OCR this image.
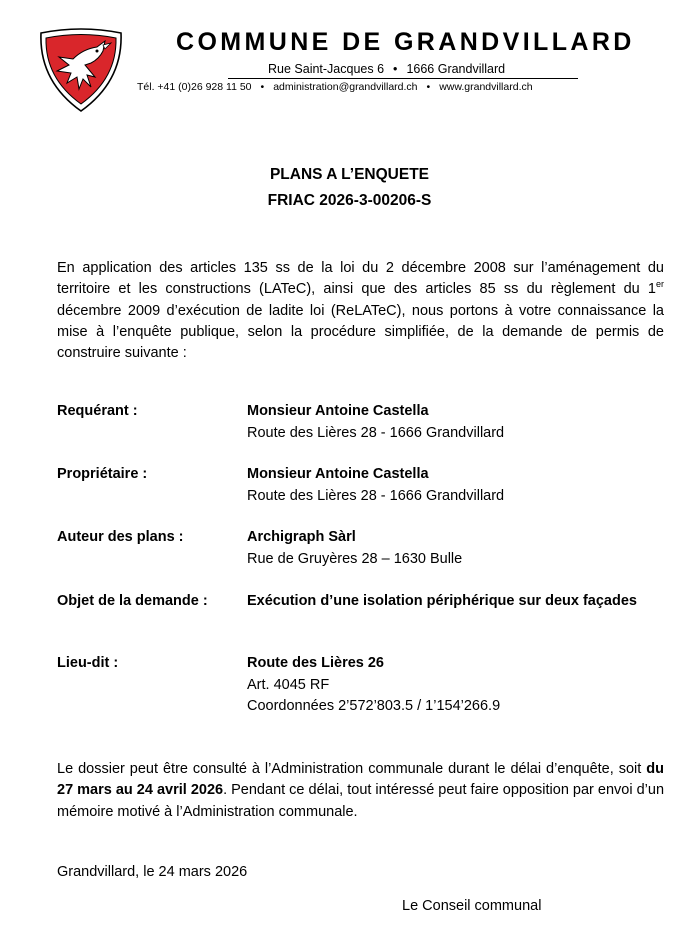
COMMUNE DE GRANDVILLARD
Rue Saint-Jacques 6 • 1666 Grandvillard
Tél. +41 (0)26 928 11 50 • administration@grandvillard.ch • www.grandvillard.ch
PLANS A L’ENQUETE
FRIAC 2026-3-00206-S
En application des articles 135 ss de la loi du 2 décembre 2008 sur l’aménagement du territoire et les constructions (LATeC), ainsi que des articles 85 ss du règlement du 1er décembre 2009 d’exécution de ladite loi (ReLATeC), nous portons à votre connaissance la mise à l’enquête publique, selon la procédure simplifiée, de la demande de permis de construire suivante :
Requérant :	Monsieur Antoine Castella
Route des Lières 28 - 1666 Grandvillard
Propriétaire :	Monsieur Antoine Castella
Route des Lières 28 - 1666 Grandvillard
Auteur des plans :	Archigraph Sàrl
Rue de Gruyères 28 – 1630 Bulle
Objet de la demande :	Exécution d’une isolation périphérique sur deux façades
Lieu-dit :	Route des Lières 26
Art. 4045 RF
Coordonnées 2’572’803.5 / 1’154’266.9
Le dossier peut être consulté à l’Administration communale durant le délai d’enquête, soit du 27 mars au 24 avril 2026. Pendant ce délai, tout intéressé peut faire opposition par envoi d’un mémoire motivé à l’Administration communale.
Grandvillard, le 24 mars 2026
Le Conseil communal
